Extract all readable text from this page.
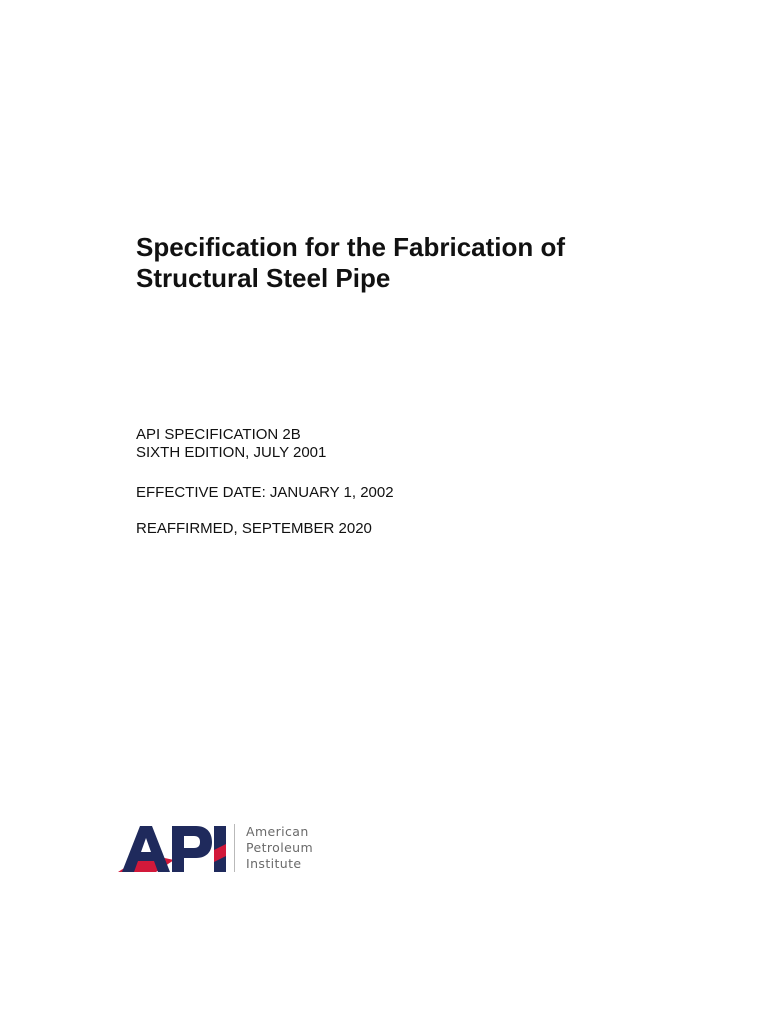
Specification for the Fabrication of
Structural Steel Pipe
API SPECIFICATION 2B
SIXTH EDITION, JULY 2001
EFFECTIVE DATE: JANUARY 1, 2002
REAFFIRMED, SEPTEMBER 2020
American
Petroleum
Institute
